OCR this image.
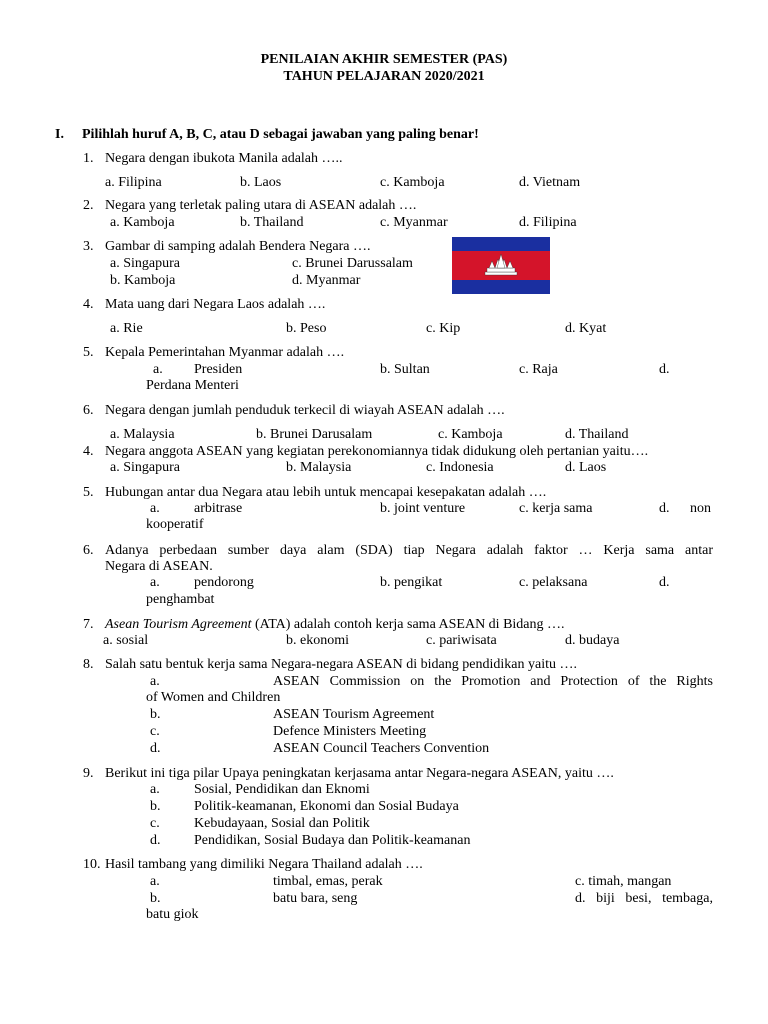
PENILAIAN AKHIR SEMESTER (PAS)
TAHUN PELAJARAN 2020/2021
I. Pilihlah huruf A, B, C, atau D sebagai jawaban yang paling benar!
1. Negara dengan ibukota Manila adalah …..
a. Filipina	b. Laos	c. Kamboja	d. Vietnam
2. Negara yang terletak paling utara di ASEAN adalah ….
a. Kamboja	b. Thailand	c. Myanmar	d. Filipina
3. Gambar di samping adalah Bendera Negara ….
a. Singapura	c. Brunei Darussalam
b. Kamboja	d. Myanmar
4. Mata uang dari Negara Laos adalah ….
a. Rie	b. Peso	c. Kip	d. Kyat
5. Kepala Pemerintahan Myanmar adalah ….
a. Presiden	b. Sultan	c. Raja	d.
Perdana Menteri
6. Negara dengan jumlah penduduk terkecil di wiayah ASEAN adalah ….
a. Malaysia	b. Brunei Darusalam	c. Kamboja	d. Thailand
4. Negara anggota ASEAN yang kegiatan perekonomiannya tidak didukung oleh pertanian yaitu….
a. Singapura	b. Malaysia	c. Indonesia	d. Laos
5. Hubungan antar dua Negara atau lebih untuk mencapai kesepakatan adalah ….
a. arbitrase	b. joint venture	c. kerja sama	d. non
kooperatif
6. Adanya perbedaan sumber daya alam (SDA) tiap Negara adalah faktor … Kerja sama antar
Negara di ASEAN.
a. pendorong	b. pengikat	c. pelaksana	d.
penghambat
7. Asean Tourism Agreement (ATA) adalah contoh kerja sama ASEAN di Bidang ….
a. sosial	b. ekonomi	c. pariwisata	d. budaya
8. Salah satu bentuk kerja sama Negara-negara ASEAN di bidang pendidikan yaitu ….
a.	ASEAN Commission on the Promotion and Protection of the Rights
of Women and Children
b.	ASEAN Tourism Agreement
c.	Defence Ministers Meeting
d.	ASEAN Council Teachers Convention
9. Berikut ini tiga pilar Upaya peningkatan kerjasama antar Negara-negara ASEAN, yaitu ….
a. Sosial, Pendidikan dan Eknomi
b. Politik-keamanan, Ekonomi dan Sosial Budaya
c. Kebudayaan, Sosial dan Politik
d. Pendidikan, Sosial Budaya dan Politik-keamanan
10. Hasil tambang yang dimiliki Negara Thailand adalah ….
a.	timbal, emas, perak	c. timah, mangan
b.	batu bara, seng	d. biji besi, tembaga,
batu giok
